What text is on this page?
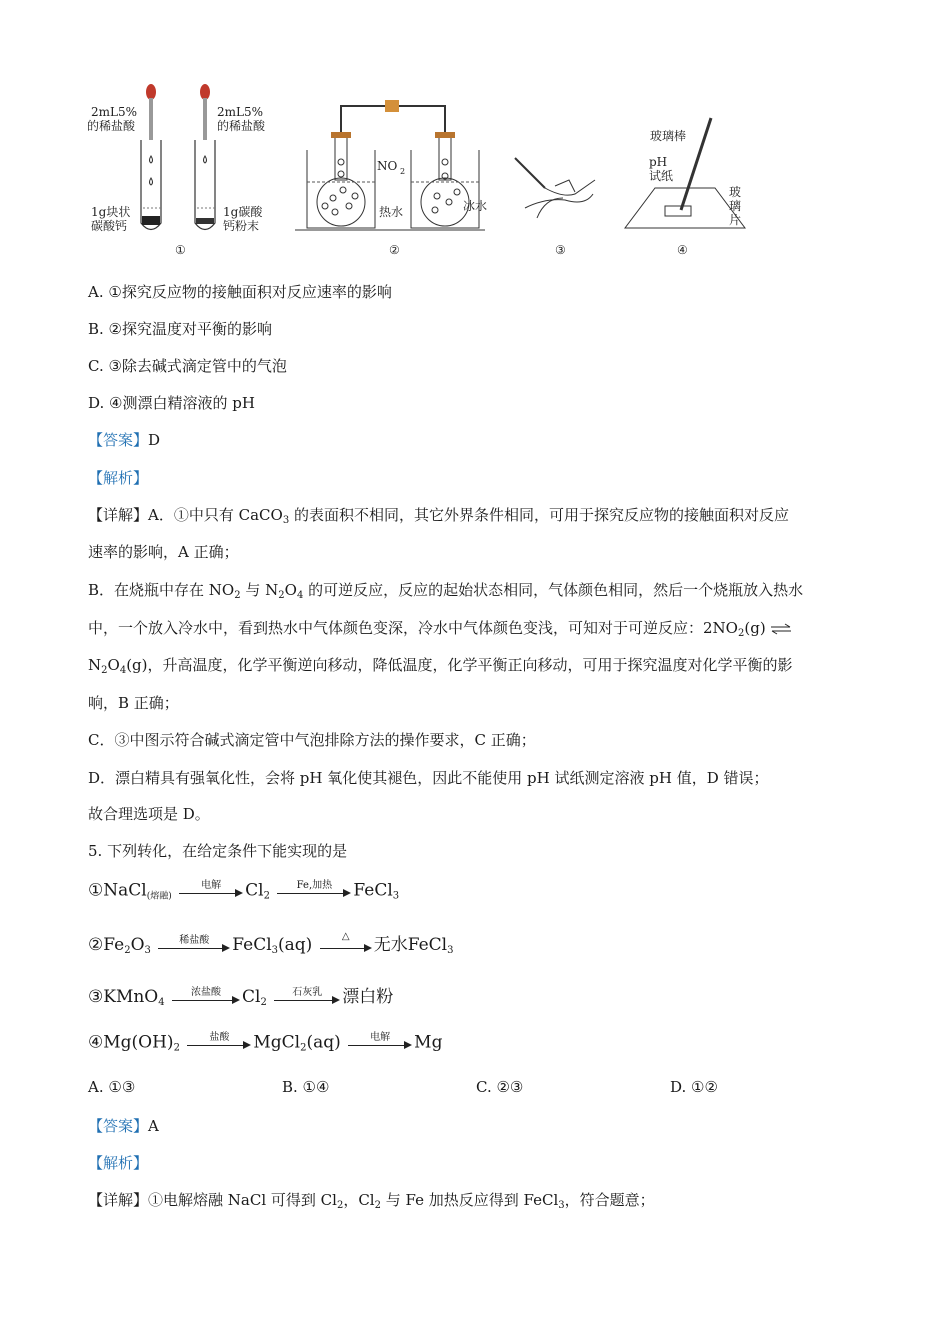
2mL5%
的稀盐酸
2mL5%
的稀盐酸
1g块状
碳酸钙
1g碳酸
钙粉末
①
NO 2
热水	冰水
②	③
玻璃棒
pH
试纸
玻
璃
片
④
A. ①探究反应物的接触面积对反应速率的影响
B. ②探究温度对平衡的影响
C. ③除去碱式滴定管中的气泡
D. ④测漂白精溶液的 pH
【答案】D
【解析】
【详解】A．①中只有 CaCO$_3$ 的表面积不相同，其它外界条件相同，可用于探究反应物的接触面积对反应
速率的影响，A 正确；
B．在烧瓶中存在 $NO_2$ 与 $N_2O_4$ 的可逆反应，反应的起始状态相同，气体颜色相同，然后一个烧瓶放入热水
中，一个放入冷水中，看到热水中气体颜色变深，冷水中气体颜色变浅，可知对于可逆反应：$2NO_2(g)$ ⇌
$N_2O_4(g)$，升高温度，化学平衡逆向移动，降低温度，化学平衡正向移动，可用于探究温度对化学平衡的影
响，B 正确；
C．③中图示符合碱式滴定管中气泡排除方法的操作要求，C 正确；
D．漂白精具有强氧化性，会将 pH 氧化使其褪色，因此不能使用 pH 试纸测定溶液 pH 值，D 错误；
故合理选项是 D。
5. 下列转化，在给定条件下能实现的是
①NaCl$_{(熔融)}$
电解	$Cl_2$
Fe,加热	FeCl$_3$
$②Fe_2O_3$
稀盐酸	FeCl$_3$(aq)	△	无水FeCl$_3$
③KMnO$_4$
浓盐酸	$Cl_2$
石灰乳	漂白粉
$④Mg(OH)_2$
盐酸	MgCl$_2$(aq)	电解	Mg
A. ①③	B. ①④	C. ②③	D. ①②
【答案】A
【解析】
【详解】①电解熔融 NaCl 可得到 $Cl_2$，$Cl_2$ 与 Fe 加热反应得到 FeCl$_3$，符合题意；
